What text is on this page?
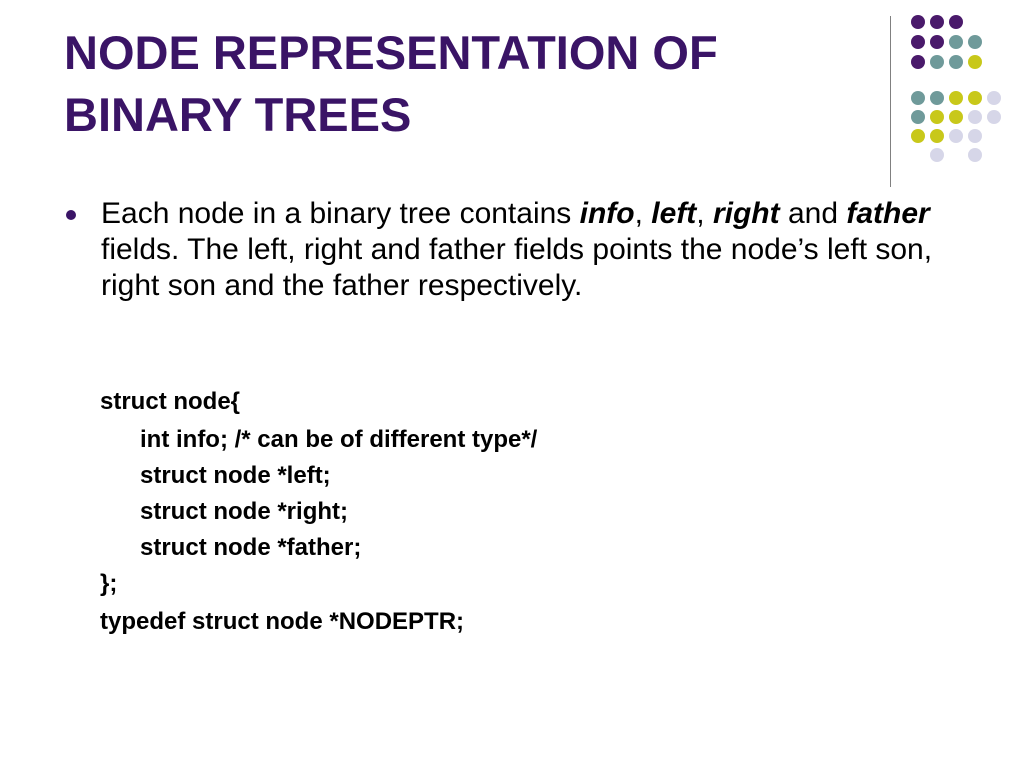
NODE REPRESENTATION OF
BINARY TREES
Each node in a binary tree contains info, left, right and father fields. The left, right and father fields points the node’s left son, right son and the father respectively.
struct node{
int info; /* can be of different type*/
struct node *left;
struct node *right;
struct node *father;
};
typedef struct node *NODEPTR;
